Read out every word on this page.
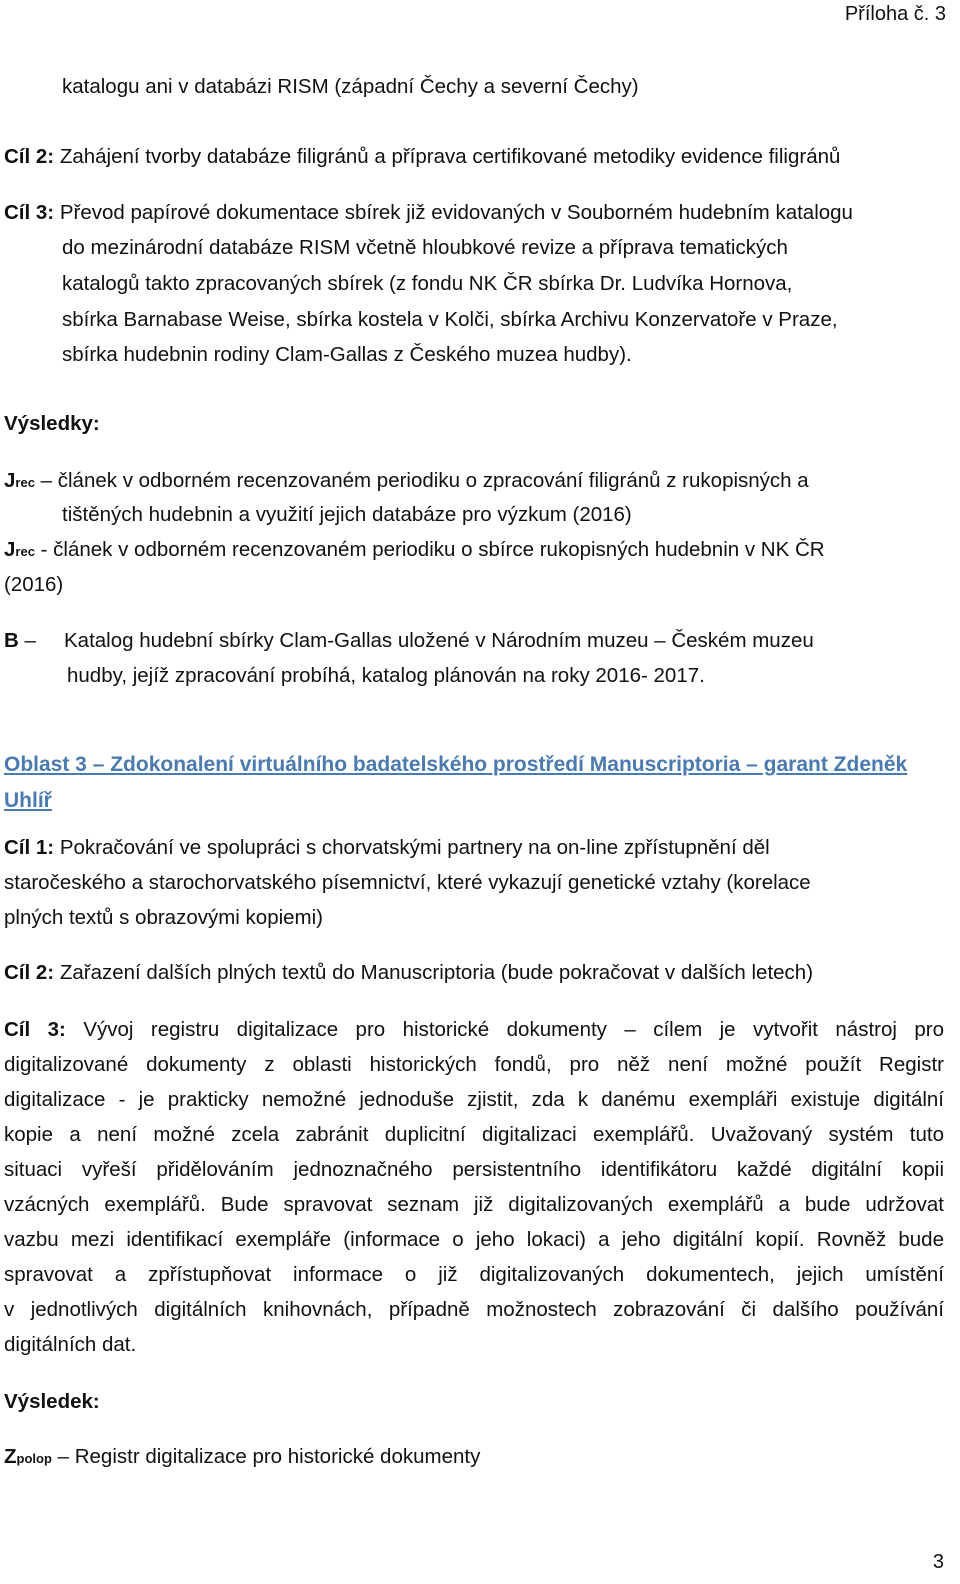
Příloha č. 3
katalogu ani v databázi RISM (západní Čechy a severní Čechy)
Cíl 2: Zahájení tvorby databáze filigránů a příprava certifikované metodiky evidence filigránů
Cíl 3: Převod papírové dokumentace sbírek již evidovaných v Souborném hudebním katalogu
do mezinárodní databáze RISM včetně hloubkové revize a příprava tematických
katalogů takto zpracovaných sbírek (z fondu NK ČR sbírka Dr. Ludvíka Hornova,
sbírka Barnabase Weise, sbírka kostela v Kolči, sbírka Archivu Konzervatoře v Praze,
sbírka hudebnin rodiny Clam-Gallas z Českého muzea hudby).
Výsledky:
Jrec – článek v odborném recenzovaném periodiku o zpracování filigránů z rukopisných a
tištěných hudebnin a využití jejich databáze pro výzkum (2016)
Jrec - článek v odborném recenzovaném periodiku o sbírce rukopisných hudebnin v NK ČR
(2016)
B – Katalog hudební sbírky Clam-Gallas uložené v Národním muzeu – Českém muzeu
hudby, jejíž zpracování probíhá, katalog plánován na roky 2016- 2017.
Oblast 3 – Zdokonalení virtuálního badatelského prostředí Manuscriptoria – garant Zdeněk
Uhlíř
Cíl 1: Pokračování ve spolupráci s chorvatskými partnery na on-line zpřístupnění děl
staročeského a starochorvatského písemnictví, které vykazují genetické vztahy (korelace
plných textů s obrazovými kopiemi)
Cíl 2: Zařazení dalších plných textů do Manuscriptoria (bude pokračovat v dalších letech)
Cíl 3: Vývoj registru digitalizace pro historické dokumenty – cílem je vytvořit nástroj pro
digitalizované dokumenty z oblasti historických fondů, pro něž není možné použít Registr
digitalizace - je prakticky nemožné jednoduše zjistit, zda k danému exempláři existuje digitální
kopie a není možné zcela zabránit duplicitní digitalizaci exemplářů. Uvažovaný systém tuto
situaci vyřeší přidělováním jednoznačného persistentního identifikátoru každé digitální kopii
vzácných exemplářů. Bude spravovat seznam již digitalizovaných exemplářů a bude udržovat
vazbu mezi identifikací exempláře (informace o jeho lokaci) a jeho digitální kopií. Rovněž bude
spravovat a zpřístupňovat informace o již digitalizovaných dokumentech, jejich umístění
v jednotlivých digitálních knihovnách, případně možnostech zobrazování či dalšího používání
digitálních dat.
Výsledek:
Zpolop – Registr digitalizace pro historické dokumenty
3
